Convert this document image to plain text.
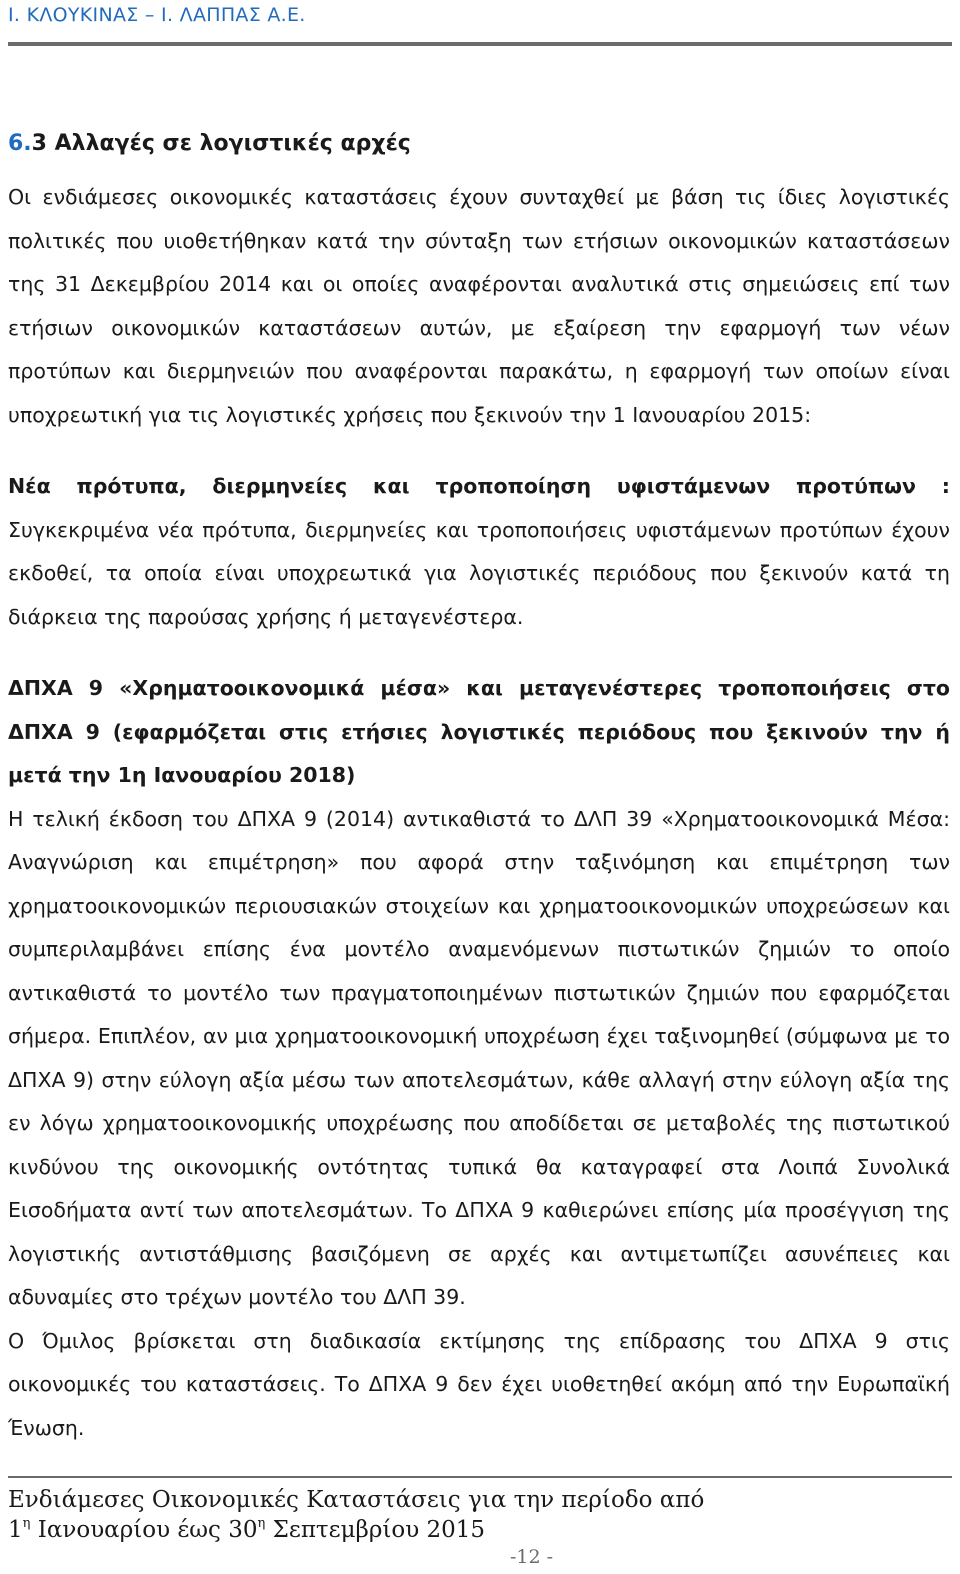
Ι. ΚΛΟΥΚΙΝΑΣ – Ι. ΛΑΠΠΑΣ Α.Ε.
6.3 Αλλαγές σε λογιστικές αρχές

Οι ενδιάμεσες οικονομικές καταστάσεις έχουν συνταχθεί με βάση τις ίδιες λογιστικές πολιτικές που υιοθετήθηκαν κατά την σύνταξη των ετήσιων οικονομικών καταστάσεων της 31 Δεκεμβρίου 2014 και οι οποίες αναφέρονται αναλυτικά στις σημειώσεις επί των ετήσιων οικονομικών καταστάσεων αυτών, με εξαίρεση την εφαρμογή των νέων προτύπων και διερμηνειών που αναφέρονται παρακάτω, η εφαρμογή των οποίων είναι υποχρεωτική για τις λογιστικές χρήσεις που ξεκινούν την 1 Ιανουαρίου 2015:

Νέα πρότυπα, διερμηνείες και τροποποίηση υφιστάμενων προτύπων : Συγκεκριμένα νέα πρότυπα, διερμηνείες και τροποποιήσεις υφιστάμενων προτύπων έχουν εκδοθεί, τα οποία είναι υποχρεωτικά για λογιστικές περιόδους που ξεκινούν κατά τη διάρκεια της παρούσας χρήσης ή μεταγενέστερα.

ΔΠΧΑ 9 «Χρηματοοικονομικά μέσα» και μεταγενέστερες τροποποιήσεις στο ΔΠΧΑ 9 (εφαρμόζεται στις ετήσιες λογιστικές περιόδους που ξεκινούν την ή μετά την 1η Ιανουαρίου 2018)

Η τελική έκδοση του ΔΠΧΑ 9 (2014) αντικαθιστά το ΔΛΠ 39 «Χρηματοοικονομικά Μέσα: Αναγνώριση και επιμέτρηση» που αφορά στην ταξινόμηση και επιμέτρηση των χρηματοοικονομικών περιουσιακών στοιχείων και χρηματοοικονομικών υποχρεώσεων και συμπεριλαμβάνει επίσης ένα μοντέλο αναμενόμενων πιστωτικών ζημιών το οποίο αντικαθιστά το μοντέλο των πραγματοποιημένων πιστωτικών ζημιών που εφαρμόζεται σήμερα. Επιπλέον, αν μια χρηματοοικονομική υποχρέωση έχει ταξινομηθεί (σύμφωνα με το ΔΠΧΑ 9) στην εύλογη αξία μέσω των αποτελεσμάτων, κάθε αλλαγή στην εύλογη αξία της εν λόγω χρηματοοικονομικής υποχρέωσης που αποδίδεται σε μεταβολές της πιστωτικού κινδύνου της οικονομικής οντότητας τυπικά θα καταγραφεί στα Λοιπά Συνολικά Εισοδήματα αντί των αποτελεσμάτων. Το ΔΠΧΑ 9 καθιερώνει επίσης μία προσέγγιση της λογιστικής αντιστάθμισης βασιζόμενη σε αρχές και αντιμετωπίζει ασυνέπειες και αδυναμίες στο τρέχων μοντέλο του ΔΛΠ 39.

Ο Όμιλος βρίσκεται στη διαδικασία εκτίμησης της επίδρασης του ΔΠΧΑ 9 στις οικονομικές του καταστάσεις. Το ΔΠΧΑ 9 δεν έχει υιοθετηθεί ακόμη από την Ευρωπαϊκή Ένωση.

Ενδιάμεσες Οικονομικές Καταστάσεις για την περίοδο από
$1^\eta$ Ιανουαρίου έως $30^\eta$ Σεπτεμβρίου 2015
-12 -
